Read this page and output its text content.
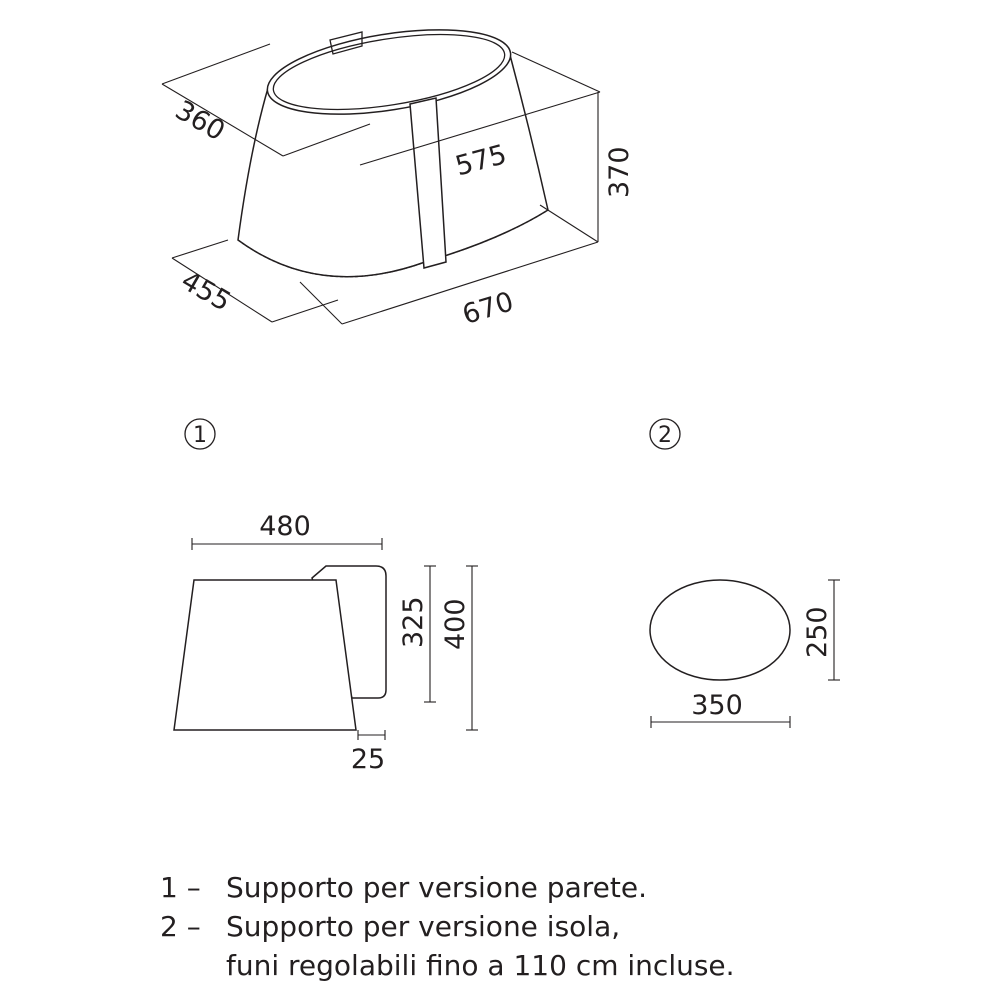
360
575	370
455	670
1
480
325 400
25
2
250
350
1 – Supporto per versione parete.
2 – Supporto per versione isola,
funi regolabili fino a 110 cm incluse.
